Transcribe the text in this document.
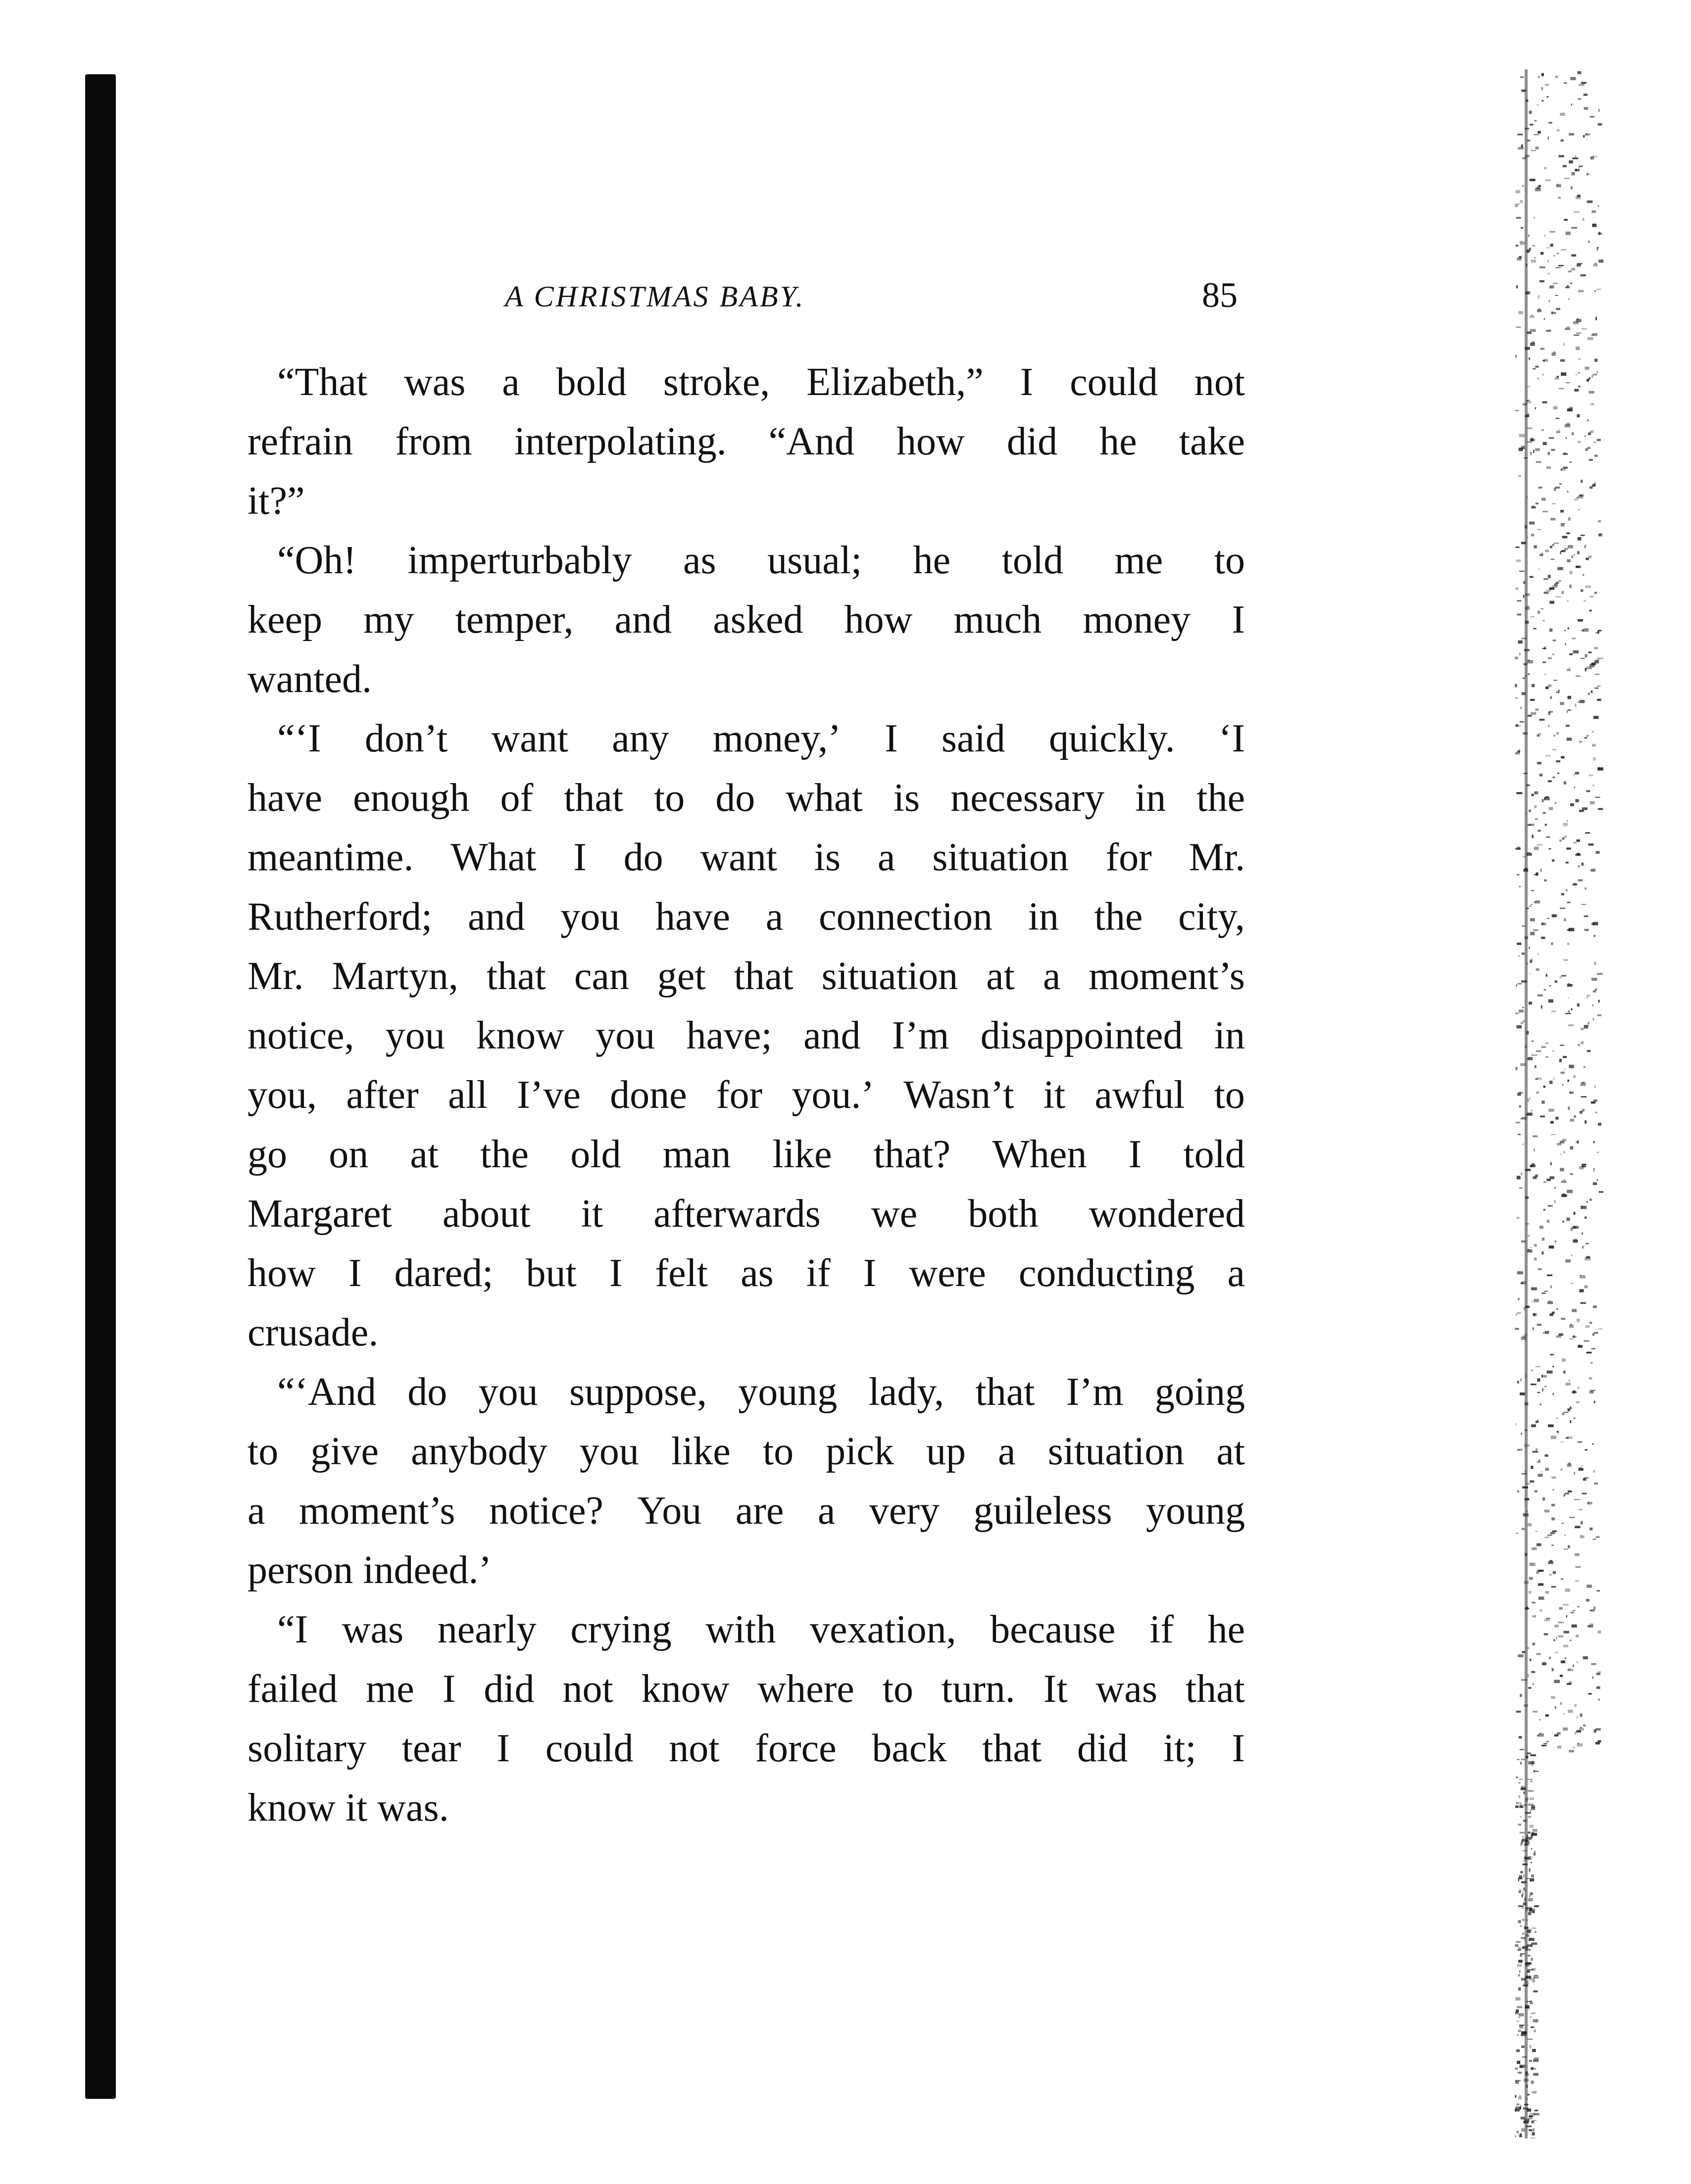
A CHRISTMAS BABY.	85
“That was a bold stroke, Elizabeth,” I could not
refrain from interpolating. “And how did he take
it?”
“Oh! imperturbably as usual; he told me to
keep my temper, and asked how much money I
wanted.
“‘I don’t want any money,’ I said quickly. ‘I
have enough of that to do what is necessary in the
meantime. What I do want is a situation for Mr.
Rutherford; and you have a connection in the city,
Mr. Martyn, that can get that situation at a moment’s
notice, you know you have; and I’m disappointed in
you, after all I’ve done for you.’ Wasn’t it awful to
go on at the old man like that? When I told
Margaret about it afterwards we both wondered
how I dared; but I felt as if I were conducting a
crusade.
“‘And do you suppose, young lady, that I’m going
to give anybody you like to pick up a situation at
a moment’s notice? You are a very guileless young
person indeed.’
“I was nearly crying with vexation, because if he
failed me I did not know where to turn. It was that
solitary tear I could not force back that did it; I
know it was.
